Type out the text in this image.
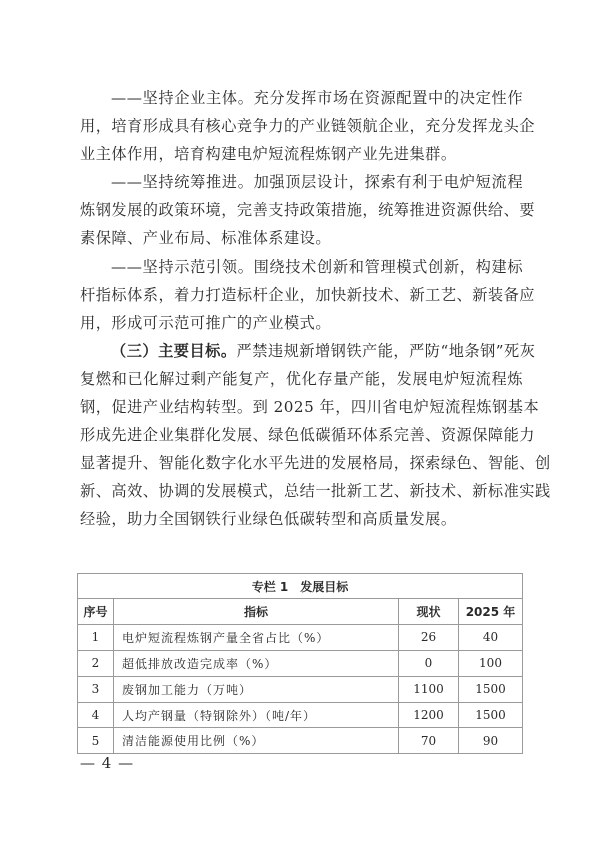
——坚持企业主体。充分发挥市场在资源配置中的决定性作
用，培育形成具有核心竞争力的产业链领航企业，充分发挥龙头企
业主体作用，培育构建电炉短流程炼钢产业先进集群。
——坚持统筹推进。加强顶层设计，探索有利于电炉短流程
炼钢发展的政策环境，完善支持政策措施，统筹推进资源供给、要
素保障、产业布局、标准体系建设。
——坚持示范引领。围绕技术创新和管理模式创新，构建标
杆指标体系，着力打造标杆企业，加快新技术、新工艺、新装备应
用，形成可示范可推广的产业模式。
（三）主要目标。严禁违规新增钢铁产能，严防“地条钢”死灰
复燃和已化解过剩产能复产，优化存量产能，发展电炉短流程炼
钢，促进产业结构转型。到 2025 年，四川省电炉短流程炼钢基本
形成先进企业集群化发展、绿色低碳循环体系完善、资源保障能力
显著提升、智能化数字化水平先进的发展格局，探索绿色、智能、创
新、高效、协调的发展模式，总结一批新工艺、新技术、新标准实践
经验，助力全国钢铁行业绿色低碳转型和高质量发展。
专栏 1　发展目标			
序号	指标	现状	2025 年
1	电炉短流程炼钢产量全省占比（%）	26	40
2	超低排放改造完成率（%）	0	100
3	废钢加工能力（万吨）	1100	1500
4	人均产钢量（特钢除外）（吨/年）	1200	1500
5	清洁能源使用比例（%）	70	90
— 4 —
